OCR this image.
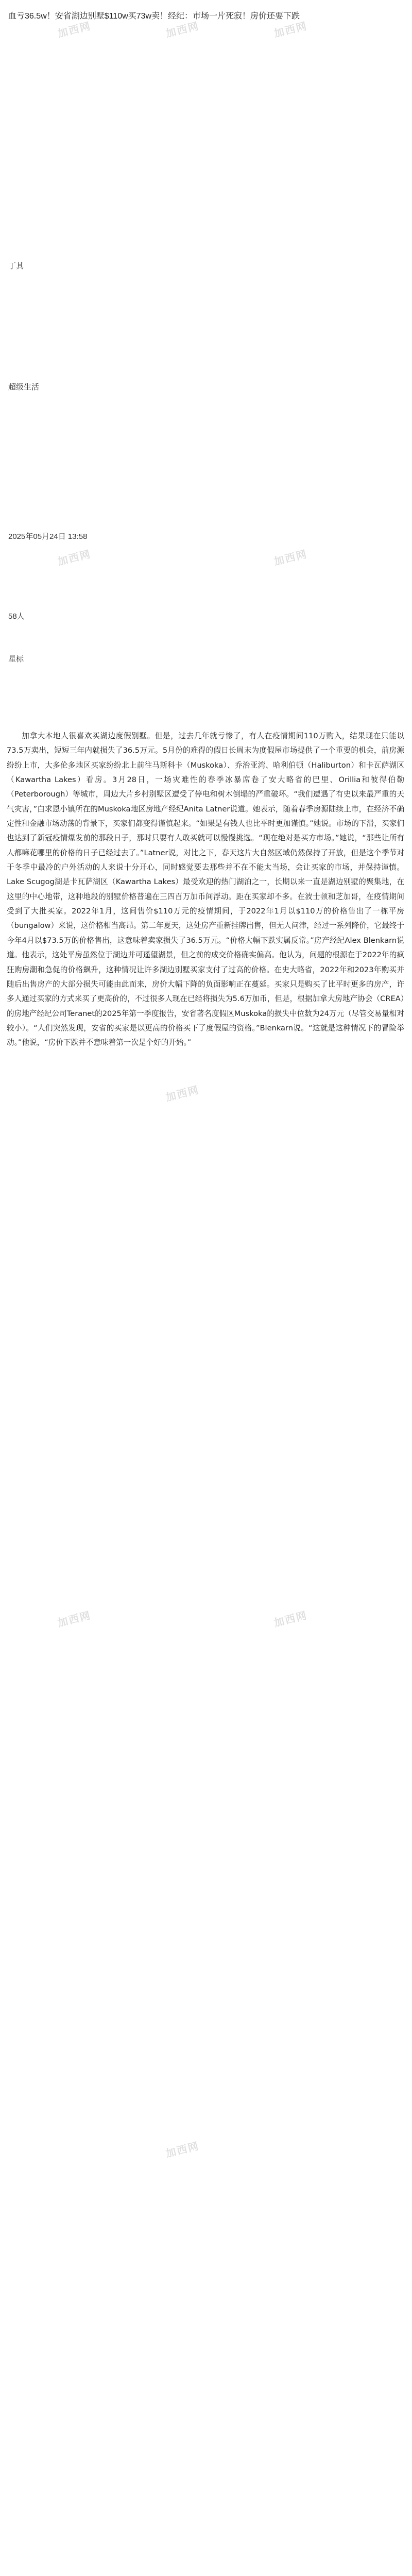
加西网	加西网	加西网
加西网	加西网
加西网
加西网	加西网
加西网
血亏36.5w！安省湖边别墅$110w买73w卖！经纪：市场一片死寂！房价还要下跌
丁其
超级生活
2025年05月24日 13:58
58人
星标

加拿大本地人很喜欢买湖边度假别墅。但是，过去几年就亏惨了，有人在疫情期间110万购入，结果现在只能以73.5万卖出，短短三年内就损失了36.5万元。5月份的难得的假日长周末为度假屋市场提供了一个重要的机会，前房源纷纷上市，大多伦多地区买家纷纷北上前往马斯科卡（Muskoka）、乔治亚湾、哈利伯顿（Haliburton）和卡瓦萨湖区（Kawartha Lakes）看房。3月28日，一场灾难性的春季冰暴席卷了安大略省的巴里、Orillia和彼得伯勒（Peterborough）等城市，周边大片乡村别墅区遭受了停电和树木倒塌的严重破坏。“我们遭遇了有史以来最严重的天气灾害，”白求恩小镇所在的Muskoka地区房地产经纪Anita Latner说道。她表示，随着春季房源陆续上市，在经济不确定性和金融市场动荡的背景下，买家们都变得谨慎起来。“如果是有钱人也比平时更加谨慎。”她说。市场的下滑，买家们也达到了新冠疫情爆发前的那段日子，那时只要有人敢买就可以慢慢挑选。“现在绝对是买方市场。”她说，“那些让所有人都嘛花哪里的价格的日子已经过去了。”Latner说，对比之下，春天这片大自然区域仍然保持了开放，但是这个季节对于冬季中最冷的户外活动的人来说十分开心，同时感觉要去那些并不在不能太当场，会让买家的市场，并保持谨慎。Lake Scugog湖是卡瓦萨湖区（Kawartha Lakes）最受欢迎的热门湖泊之一，长期以来一直是湖边别墅的聚集地，在这里的中心地带，这种地段的别墅价格普遍在三四百万加币间浮动。距在买家却不多。在波士顿和芝加哥，在疫情期间受到了大批买家。2022年1月，这间售价$110万元的疫情期间，于2022年1月以$110万的价格售出了一栋平房（bungalow）来说，这价格相当高昂。第二年夏天，这处房产重新挂牌出售，但无人问津，经过一系列降价，它最终于今年4月以$73.5万的价格售出，这意味着卖家损失了36.5万元。“价格大幅下跌实属反常。”房产经纪Alex Blenkarn说道。他表示，这处平房虽然位于湖边并可遥望湖景，但之前的成交价格确实偏高。他认为，问题的根源在于2022年的疯狂购房潮和急促的价格飙升，这种情况让许多湖边别墅买家支付了过高的价格。在史大略省，2022年和2023年购买并随后出售房产的大部分损失可能由此而来，房价大幅下降的负面影响正在蔓延。买家只是购买了比平时更多的房产，许多人通过买家的方式来买了更高价的，不过很多人现在已经将损失为5.6万加币，但是，根据加拿大房地产协会（CREA）的房地产经纪公司Teranet的2025年第一季度报告，安省著名度假区Muskoka的损失中位数为24万元（尽管交易量相对较小）。“人们突然发现，安省的买家是以更高的价格买下了度假屋的资格。”Blenkarn说。“这就是这种情况下的冒险举动。”他说，“房价下跌并不意味着第一次是个好的开始。”
